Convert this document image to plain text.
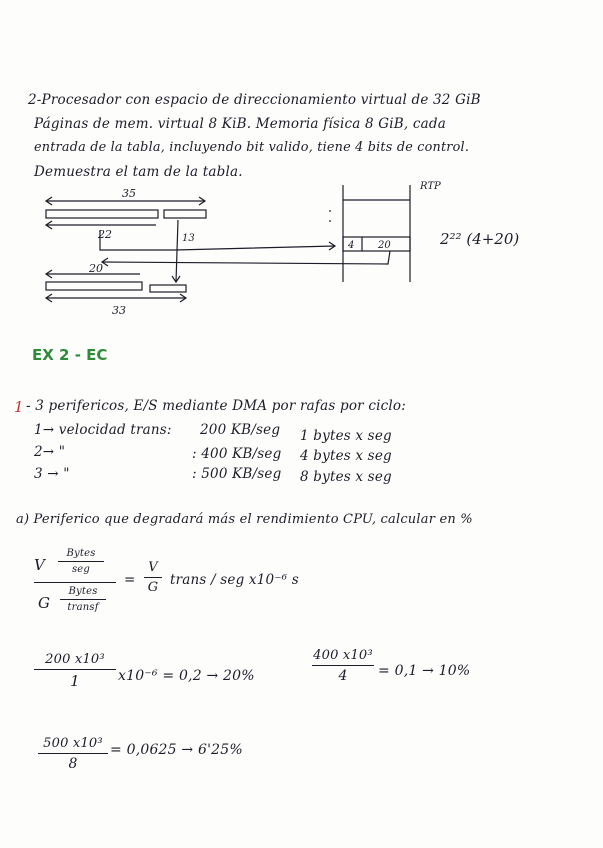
2-Procesador con espacio de direccionamiento virtual de 32 GiB
Páginas de mem. virtual 8 KiB. Memoria física 8 GiB, cada
entrada de la tabla, incluyendo bit valido, tiene 4 bits de control.
Demuestra el tam de la tabla.
35
22	13
20
33
RTP
4 20	2²² (4+20)
EX 2 - EC
1 - 3 perifericos, E/S mediante DMA por rafas por ciclo:
1→ velocidad trans: 200 KB/seg 1 bytes x seg
2→ "	: 400 KB/seg 4 bytes x seg
3 → "	: 500 KB/seg 8 bytes x seg
a) Periferico que degradará más el rendimiento CPU, calcular en %
V
Bytes
seg
G
Bytes
transf
=
V
G trans / seg x10⁻⁶ s
200 x10³
1	x10⁻⁶ = 0,2 → 20%
400 x10³
4	= 0,1 → 10%
500 x10³
8
= 0,0625 → 6'25%
